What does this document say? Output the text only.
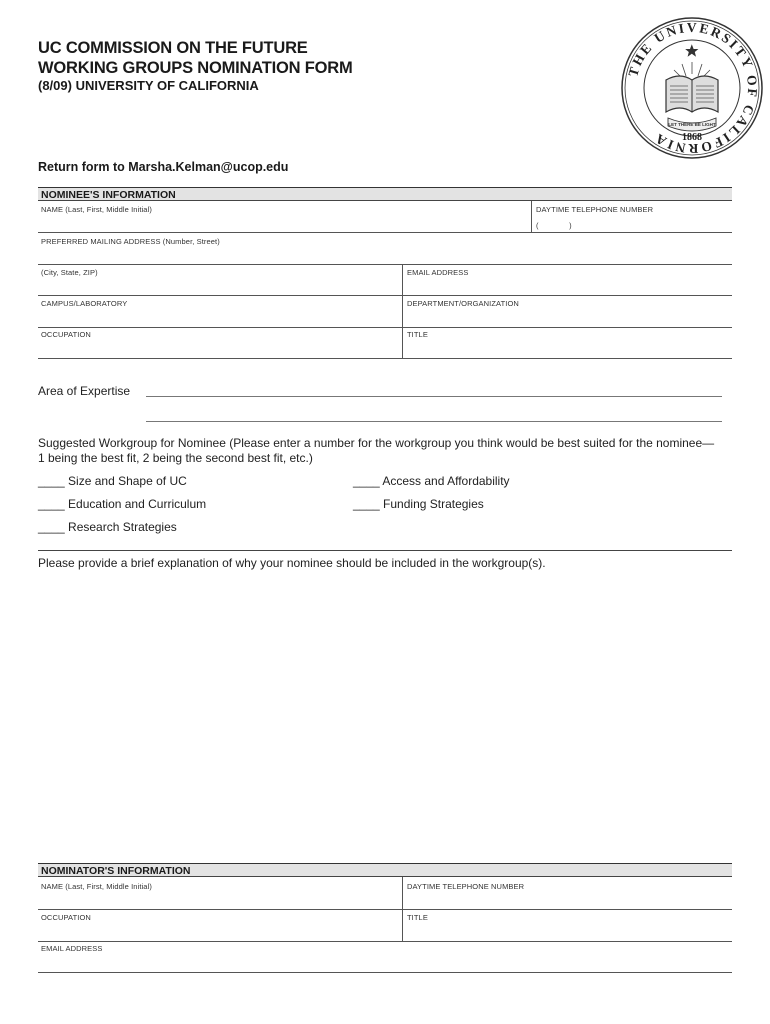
UC COMMISSION ON THE FUTURE
WORKING GROUPS NOMINATION FORM
(8/09) UNIVERSITY OF CALIFORNIA
Return form to Marsha.Kelman@ucop.edu
THE UNIVERSITY OF CALIFORNIA
LET THERE BE LIGHT
1868
NOMINEE'S INFORMATION
NAME (Last, First, Middle Initial)	DAYTIME TELEPHONE NUMBER
(              )
PREFERRED MAILING ADDRESS (Number, Street)
(City, State, ZIP)	EMAIL ADDRESS
CAMPUS/LABORATORY	DEPARTMENT/ORGANIZATION
OCCUPATION	TITLE
Area of Expertise
Suggested Workgroup for Nominee (Please enter a number for the workgroup you think would be best suited for the nominee—
1 being the best fit, 2 being the second best fit, etc.)
____ Size and Shape of UC	____ Access and Affordability
____ Education and Curriculum	____ Funding Strategies
____ Research Strategies
Please provide a brief explanation of why your nominee should be included in the workgroup(s).
NOMINATOR'S INFORMATION
NAME (Last, First, Middle Initial)	DAYTIME TELEPHONE NUMBER
OCCUPATION	TITLE
EMAIL ADDRESS
